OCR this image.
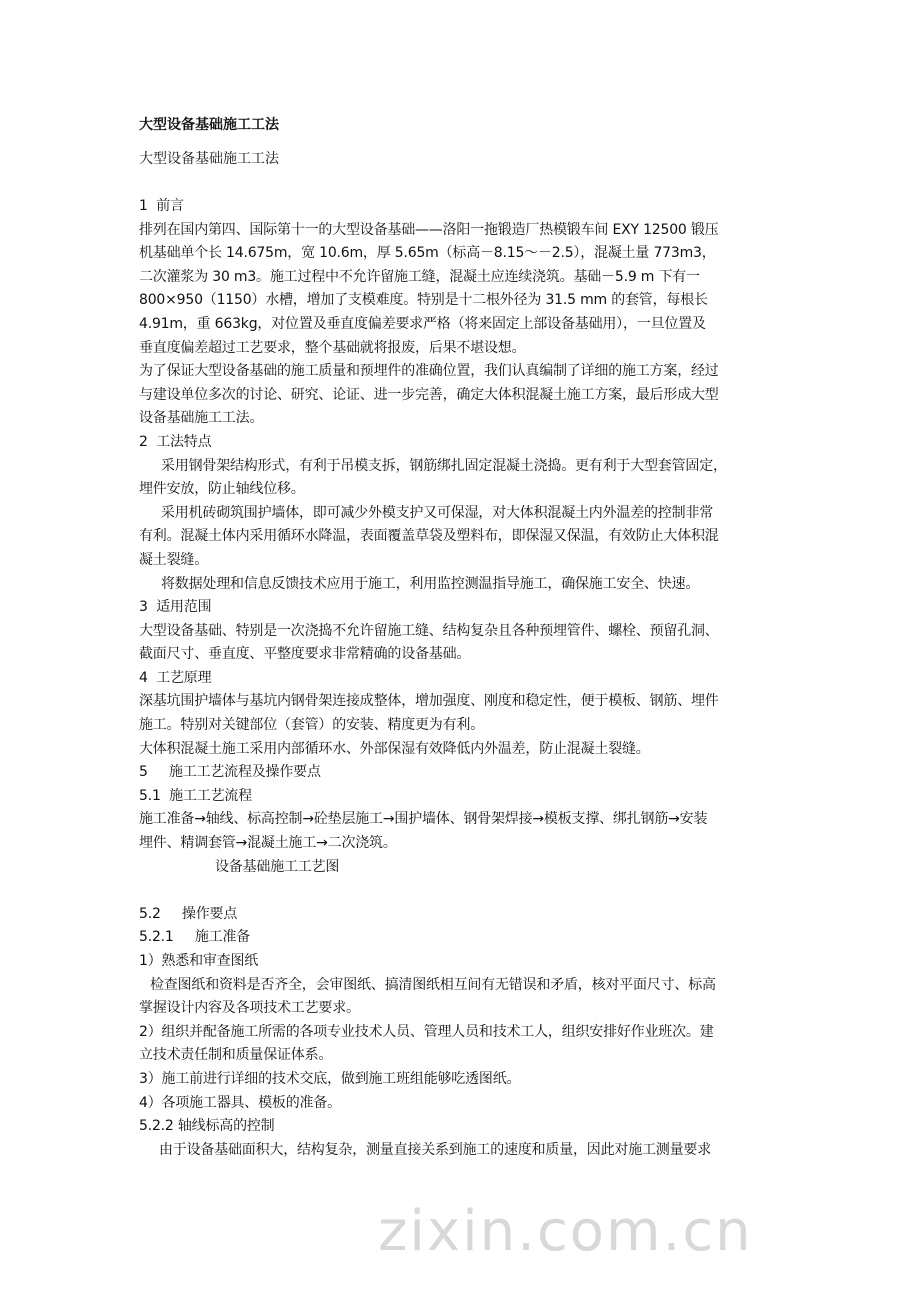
zixin.com.cn
大型设备基础施工工法
大型设备基础施工工法
1  前言
排列在国内第四、国际第十一的大型设备基础——洛阳一拖锻造厂热模锻车间 EXY 12500 锻压
机基础单个长 14.675m，宽 10.6m，厚 5.65m（标高－8.15～－2.5），混凝土量 773m3，
二次灌浆为 30 m3。施工过程中不允许留施工缝，混凝土应连续浇筑。基础－5.9 m 下有一
800×950（1150）水槽，增加了支模难度。特别是十二根外径为 31.5 mm 的套管，每根长
4.91m，重 663kg，对位置及垂直度偏差要求严格（将来固定上部设备基础用），一旦位置及
垂直度偏差超过工艺要求，整个基础就将报废，后果不堪设想。
为了保证大型设备基础的施工质量和预埋件的准确位置，我们认真编制了详细的施工方案，经过
与建设单位多次的讨论、研究、论证、进一步完善，确定大体积混凝土施工方案，最后形成大型
设备基础施工工法。
2  工法特点
采用钢骨架结构形式，有利于吊模支拆，钢筋绑扎固定混凝土浇捣。更有利于大型套管固定，
埋件安放，防止轴线位移。
采用机砖砌筑围护墙体，即可减少外模支护又可保湿，对大体积混凝土内外温差的控制非常
有利。混凝土体内采用循环水降温，表面覆盖草袋及塑料布，即保湿又保温，有效防止大体积混
凝土裂缝。
将数据处理和信息反馈技术应用于施工，利用监控测温指导施工，确保施工安全、快速。
3  适用范围
大型设备基础、特别是一次浇捣不允许留施工缝、结构复杂且各种预埋管件、螺栓、预留孔洞、
截面尺寸、垂直度、平整度要求非常精确的设备基础。
4  工艺原理
深基坑围护墙体与基坑内钢骨架连接成整体，增加强度、刚度和稳定性，便于模板、钢筋、埋件
施工。特别对关键部位（套管）的安装、精度更为有利。
大体积混凝土施工采用内部循环水、外部保湿有效降低内外温差，防止混凝土裂缝。
5     施工工艺流程及操作要点
5.1  施工工艺流程
施工准备→轴线、标高控制→砼垫层施工→围护墙体、钢骨架焊接→模板支撑、绑扎钢筋→安装
埋件、精调套管→混凝土施工→二次浇筑。
设备基础施工工艺图
5.2     操作要点
5.2.1     施工准备
1）熟悉和审查图纸
检查图纸和资料是否齐全，会审图纸、搞清图纸相互间有无错误和矛盾，核对平面尺寸、标高
掌握设计内容及各项技术工艺要求。
2）组织并配备施工所需的各项专业技术人员、管理人员和技术工人，组织安排好作业班次。建
立技术责任制和质量保证体系。
3）施工前进行详细的技术交底，做到施工班组能够吃透图纸。
4）各项施工器具、模板的准备。
5.2.2 轴线标高的控制
由于设备基础面积大，结构复杂，测量直接关系到施工的速度和质量，因此对施工测量要求
